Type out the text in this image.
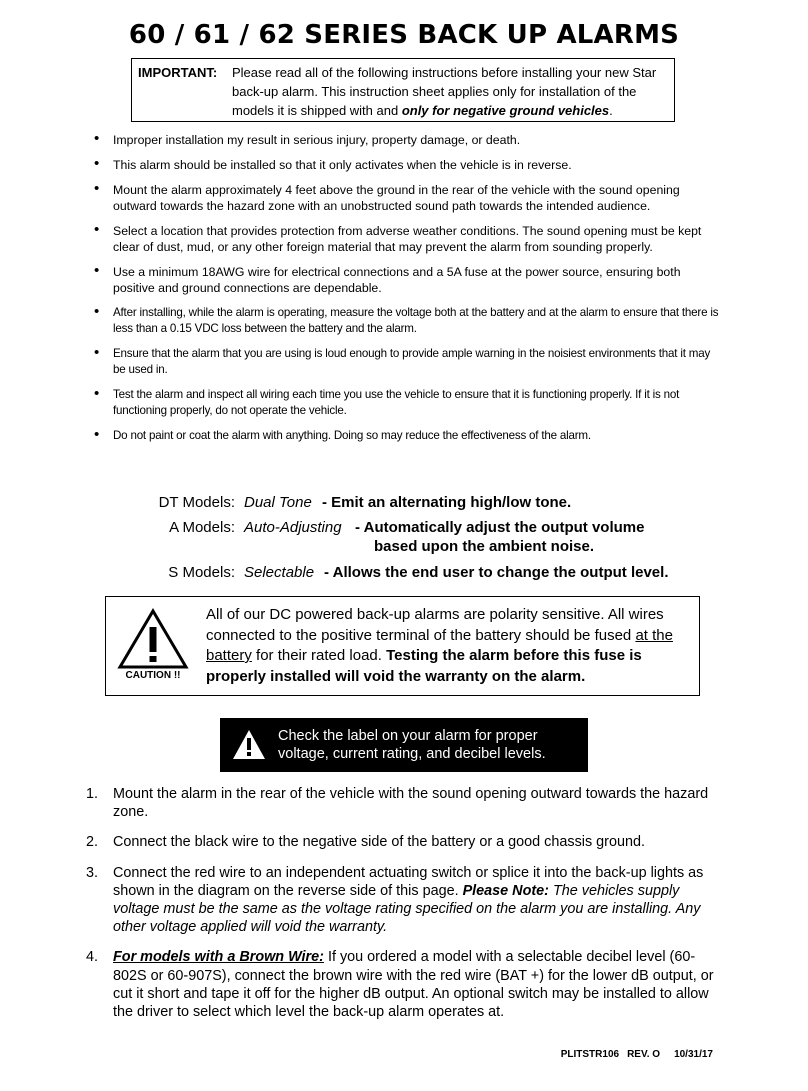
60 / 61 / 62 SERIES BACK UP ALARMS
IMPORTANT: Please read all of the following instructions before installing your new Star back-up alarm. This instruction sheet applies only for installation of the models it is shipped with and only for negative ground vehicles.
• Improper installation my result in serious injury, property damage, or death.
• This alarm should be installed so that it only activates when the vehicle is in reverse.
• Mount the alarm approximately 4 feet above the ground in the rear of the vehicle with the sound opening outward towards the hazard zone with an unobstructed sound path towards the intended audience.
• Select a location that provides protection from adverse weather conditions. The sound opening must be kept clear of dust, mud, or any other foreign material that may prevent the alarm from sounding properly.
• Use a minimum 18AWG wire for electrical connections and a 5A fuse at the power source, ensuring both positive and ground connections are dependable.
• After installing, while the alarm is operating, measure the voltage both at the battery and at the alarm to ensure that there is less than a 0.15 VDC loss between the battery and the alarm.
• Ensure that the alarm that you are using is loud enough to provide ample warning in the noisiest environments that it may be used in.
• Test the alarm and inspect all wiring each time you use the vehicle to ensure that it is functioning properly. If it is not functioning properly, do not operate the vehicle.
• Do not paint or coat the alarm with anything. Doing so may reduce the effectiveness of the alarm.
DT Models: Dual Tone - Emit an alternating high/low tone.
A Models: Auto-Adjusting - Automatically adjust the output volume
based upon the ambient noise.
S Models: Selectable - Allows the end user to change the output level.
CAUTION !!
All of our DC powered back-up alarms are polarity sensitive. All wires connected to the positive terminal of the battery should be fused at the battery for their rated load. Testing the alarm before this fuse is properly installed will void the warranty on the alarm.
Check the label on your alarm for proper voltage, current rating, and decibel levels.
1. Mount the alarm in the rear of the vehicle with the sound opening outward towards the hazard zone.
2. Connect the black wire to the negative side of the battery or a good chassis ground.
3. Connect the red wire to an independent actuating switch or splice it into the back-up lights as shown in the diagram on the reverse side of this page. Please Note: The vehicles supply voltage must be the same as the voltage rating specified on the alarm you are installing. Any other voltage applied will void the warranty.
4. For models with a Brown Wire: If you ordered a model with a selectable decibel level (60-802S or 60-907S), connect the brown wire with the red wire (BAT +) for the lower dB output, or cut it short and tape it off for the higher dB output. An optional switch may be installed to allow the driver to select which level the back-up alarm operates at.
PLITSTR106 REV. O 10/31/17
